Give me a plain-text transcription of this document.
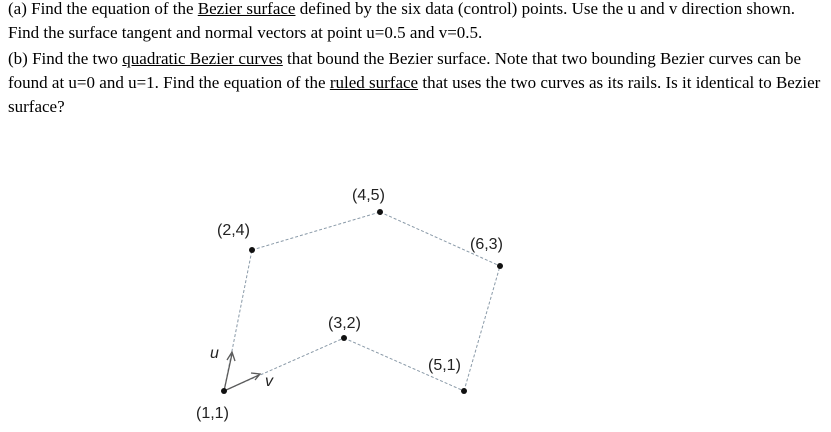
(a) Find the equation of the Bezier surface defined by the six data (control) points. Use the u and v direction shown. Find the surface tangent and normal vectors at point u=0.5 and v=0.5.

(b) Find the two quadratic Bezier curves that bound the Bezier surface. Note that two bounding Bezier curves can be found at u=0 and u=1. Find the equation of the ruled surface that uses the two curves as its rails. Is it identical to Bezier surface?

u
v
(1,1)
(2,4)
(3,2)
(4,5)
(5,1)
(6,3)
